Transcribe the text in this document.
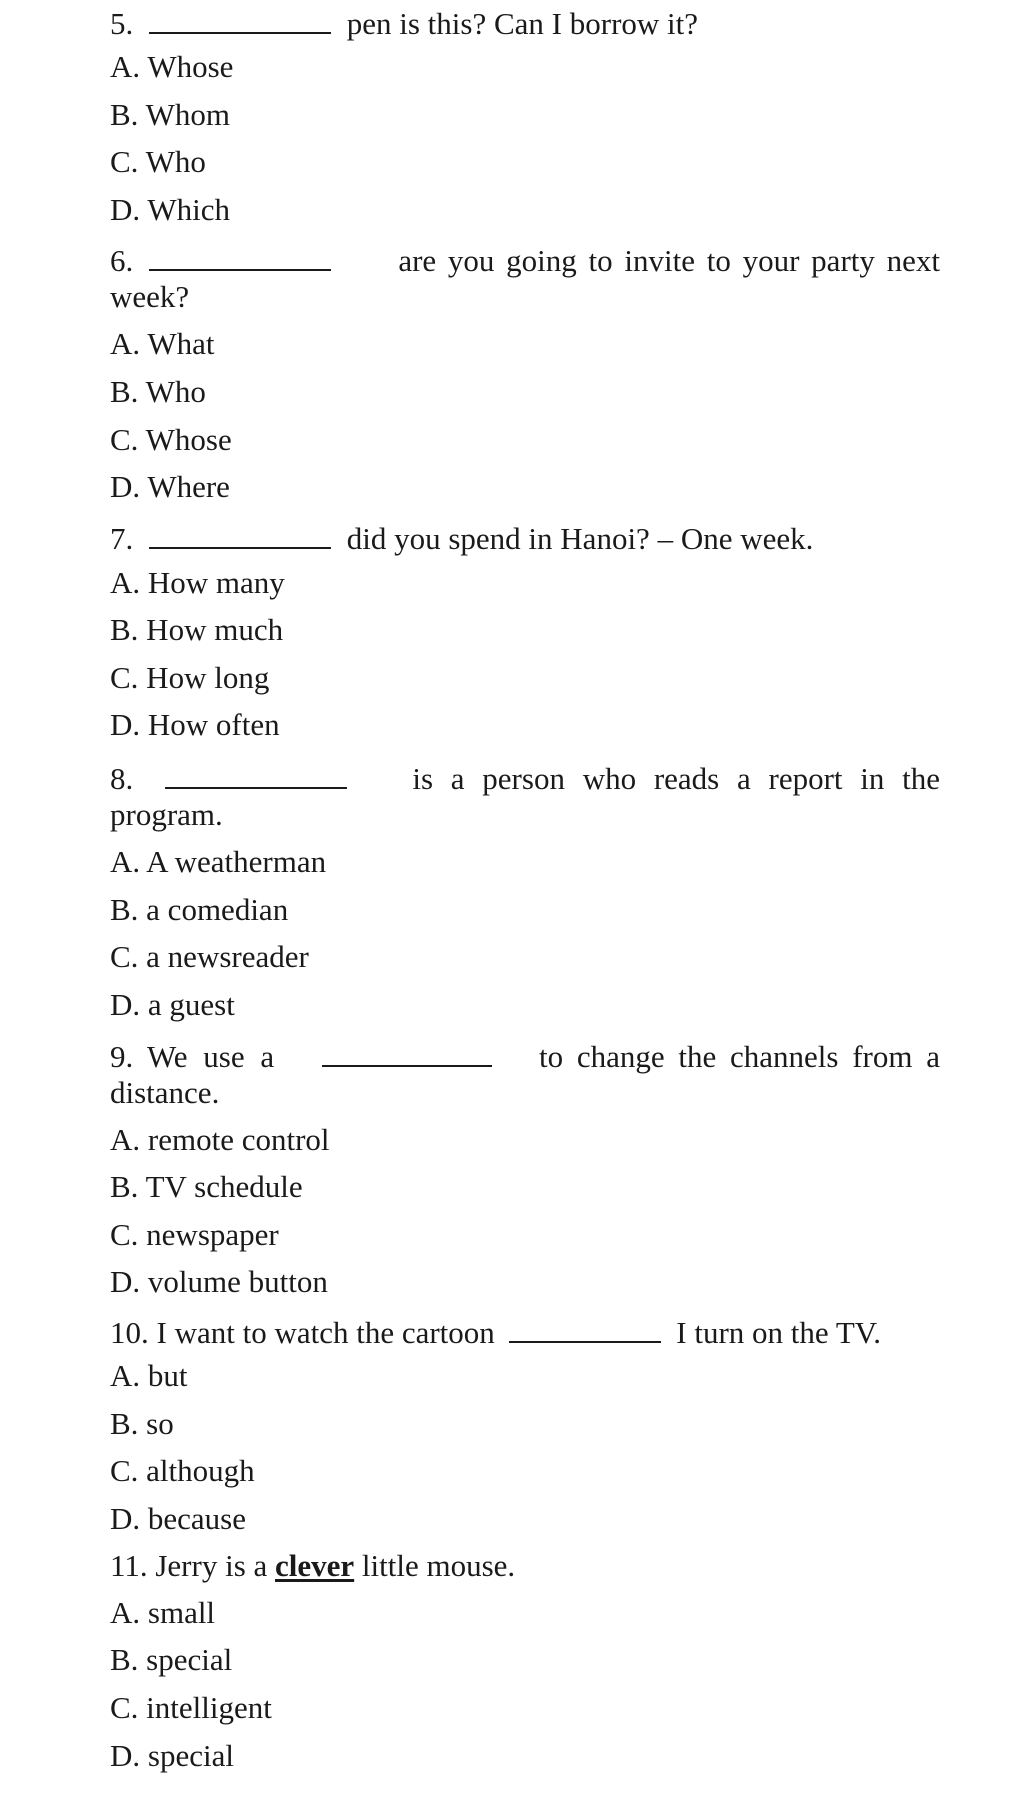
5.	pen is this? Can I borrow it?
A. Whose
B. Whom
C. Who
D. Which
6.	are you going to invite to your party next
week?
A. What
B. Who
C. Whose
D. Where
7.	did you spend in Hanoi? – One week.
A. How many
B. How much
C. How long
D. How often
8.	is a person who reads a report in the
program.
A. A weatherman
B. a comedian
C. a newsreader
D. a guest
9. We use a	to change the channels from a
distance.
A. remote control
B. TV schedule
C. newspaper
D. volume button
10. I want to watch the cartoon	I turn on the TV.
A. but
B. so
C. although
D. because
11. Jerry is a clever little mouse.
A. small
B. special
C. intelligent
D. special
